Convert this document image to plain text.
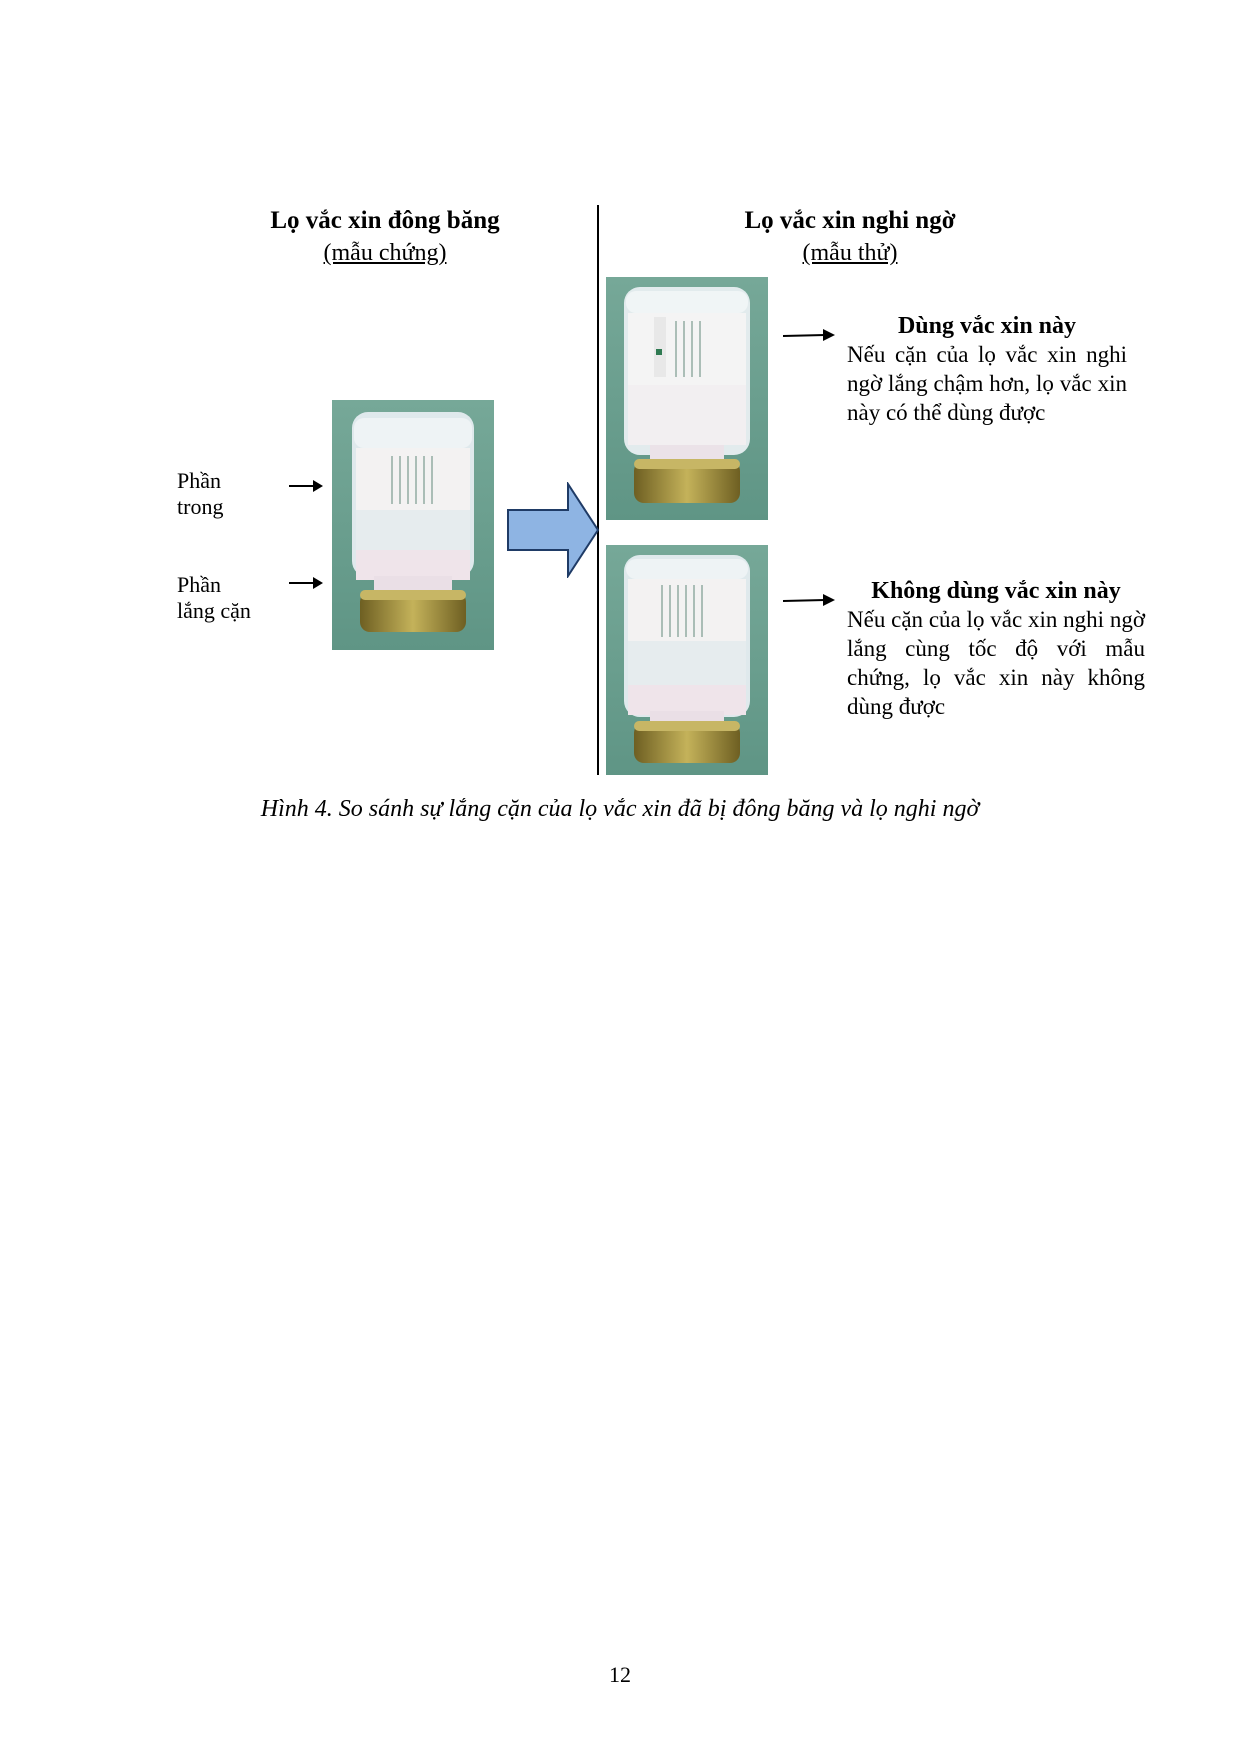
Lọ vắc xin đông băng
(mẫu chứng)
Lọ vắc xin nghi ngờ
(mẫu thử)
Phần
trong
Phần
lắng cặn
Dùng vắc xin này
Nếu cặn của lọ vắc xin nghi ngờ lắng chậm hơn, lọ vắc xin này có thể dùng được
Không dùng vắc xin này
Nếu cặn của lọ vắc xin nghi ngờ lắng cùng tốc độ với mẫu chứng, lọ vắc xin này không dùng được
Hình 4. So sánh sự lắng cặn của lọ vắc xin đã bị đông băng và lọ nghi ngờ
12
